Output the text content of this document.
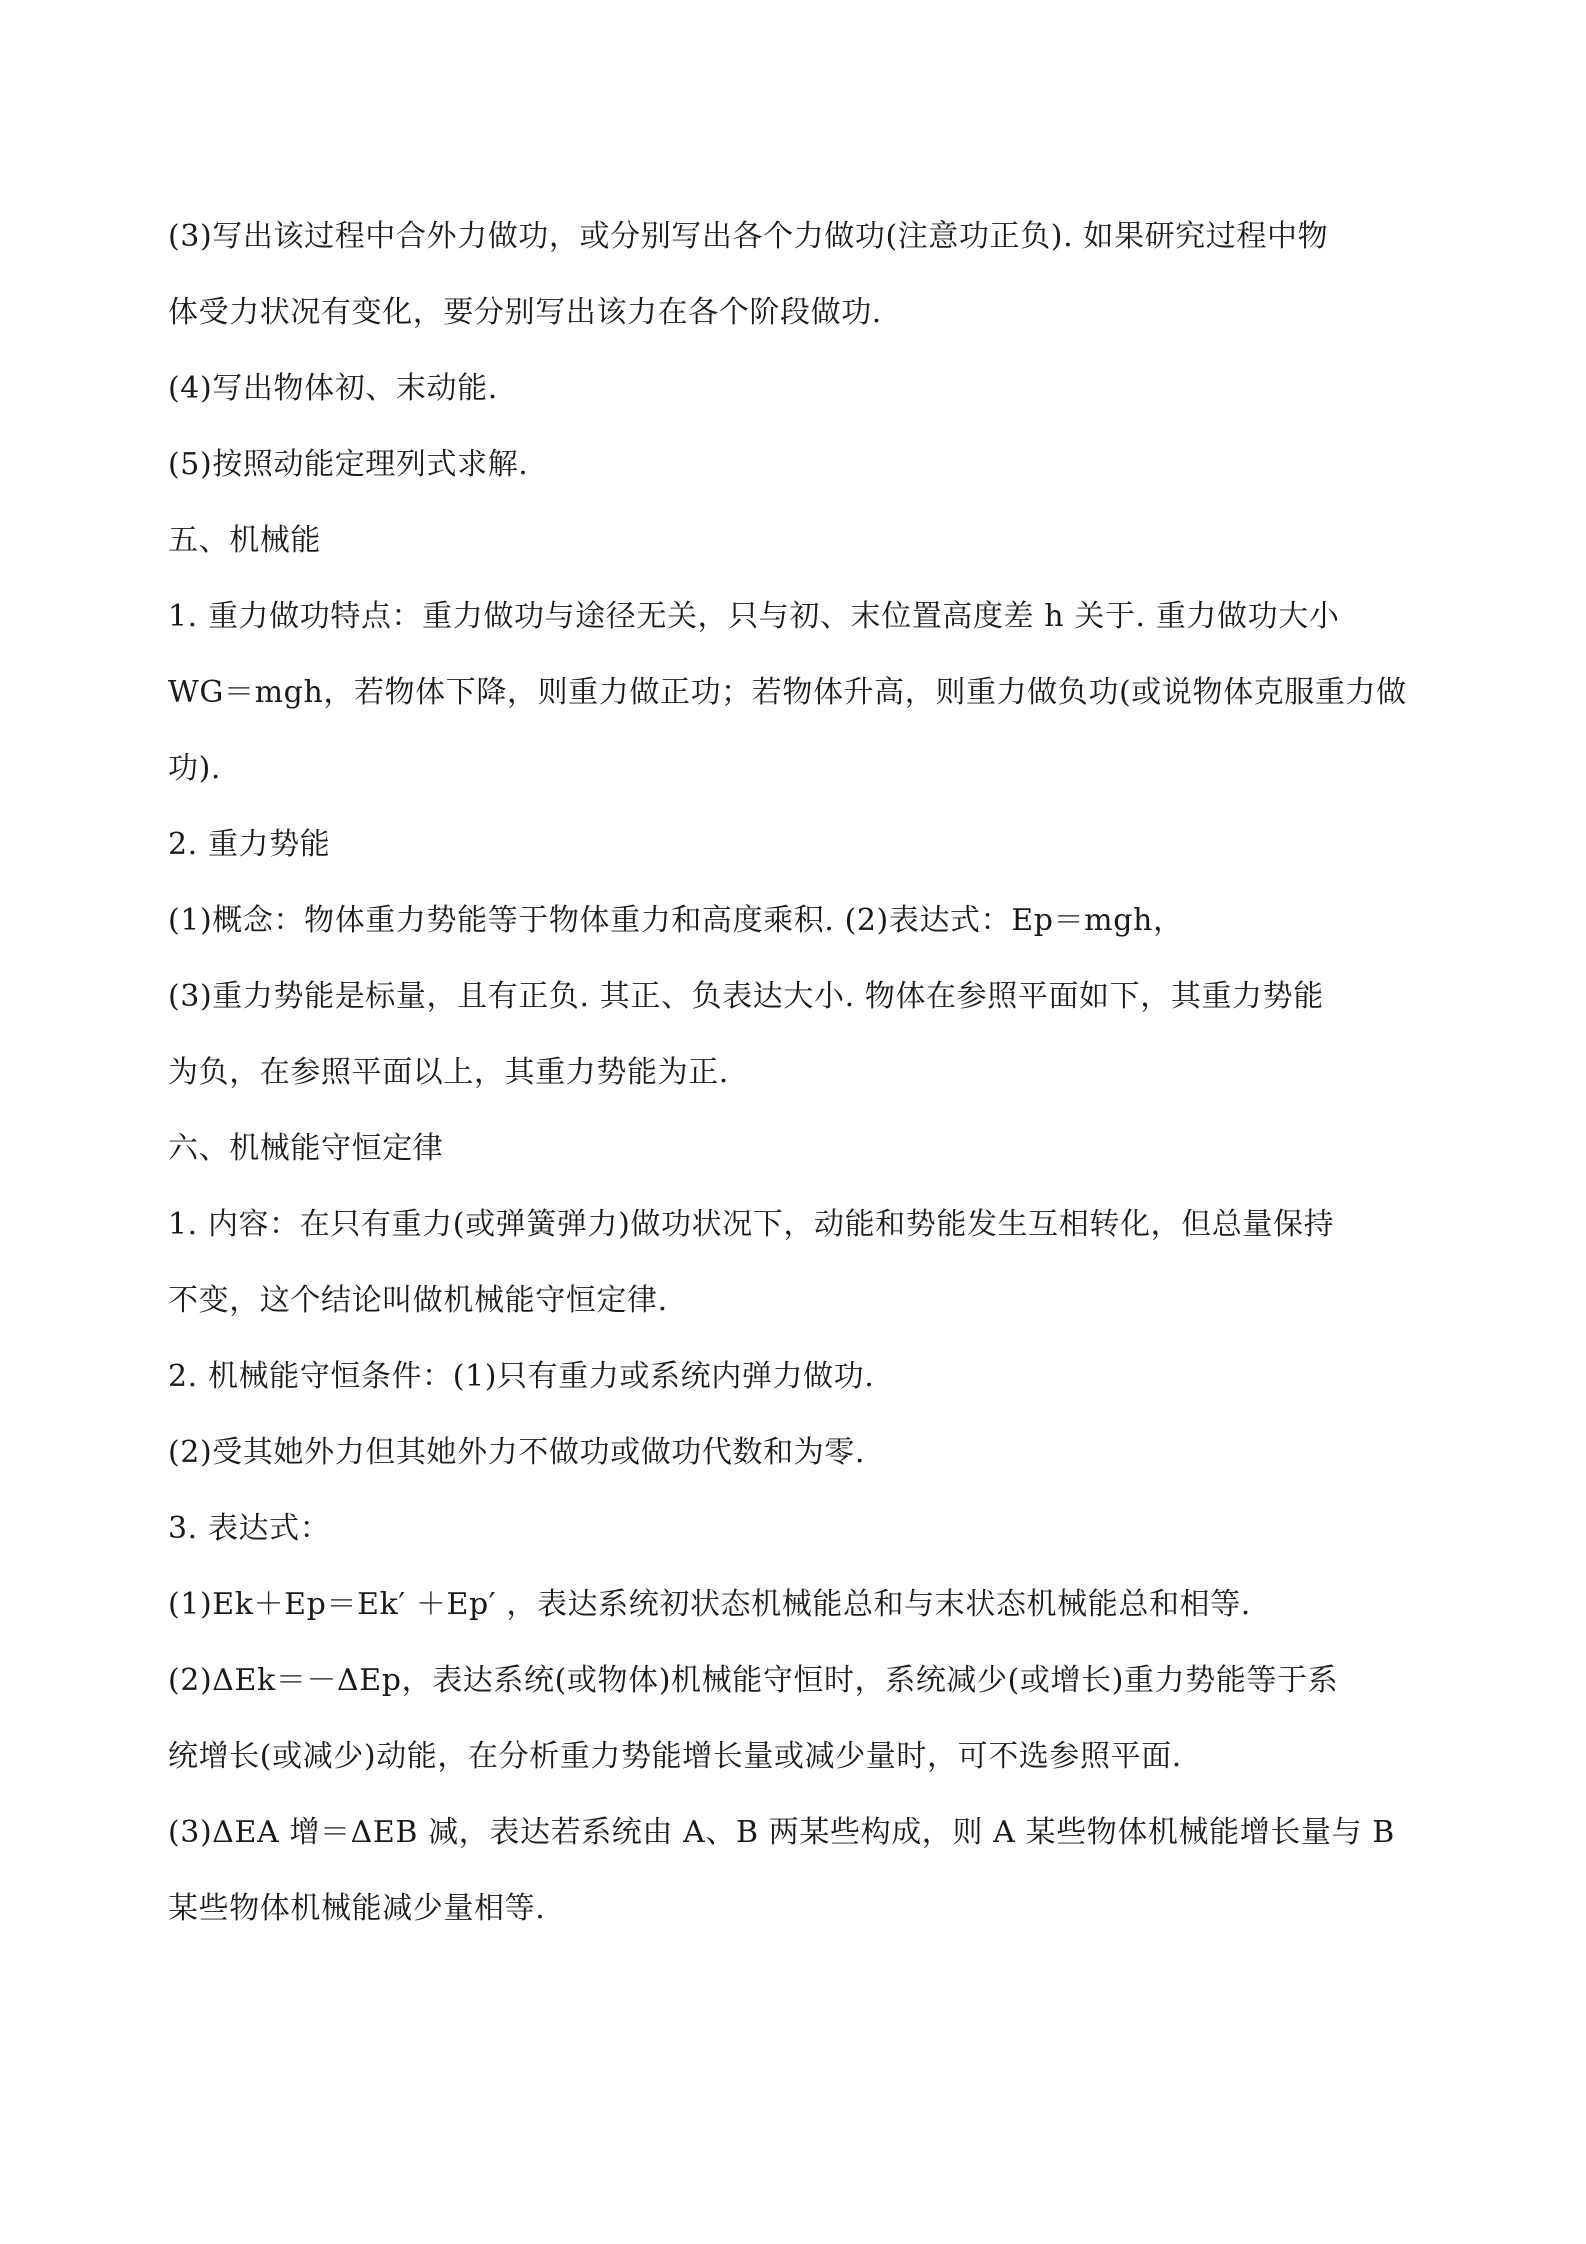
(3)写出该过程中合外力做功，或分别写出各个力做功(注意功正负). 如果研究过程中物
体受力状况有变化，要分别写出该力在各个阶段做功.
(4)写出物体初、末动能.
(5)按照动能定理列式求解.
五、机械能
1. 重力做功特点：重力做功与途径无关，只与初、末位置高度差 h 关于. 重力做功大小
WG＝mgh，若物体下降，则重力做正功；若物体升高，则重力做负功(或说物体克服重力做
功).
2. 重力势能
(1)概念：物体重力势能等于物体重力和高度乘积. (2)表达式：Ep＝mgh，
(3)重力势能是标量，且有正负. 其正、负表达大小. 物体在参照平面如下，其重力势能
为负，在参照平面以上，其重力势能为正.
六、机械能守恒定律
1. 内容：在只有重力(或弹簧弹力)做功状况下，动能和势能发生互相转化，但总量保持
不变，这个结论叫做机械能守恒定律.
2. 机械能守恒条件：(1)只有重力或系统内弹力做功.
(2)受其她外力但其她外力不做功或做功代数和为零.
3. 表达式：
(1)Ek＋Ep＝Ek′ ＋Ep′ ，表达系统初状态机械能总和与末状态机械能总和相等.
(2)ΔEk＝－ΔEp，表达系统(或物体)机械能守恒时，系统减少(或增长)重力势能等于系
统增长(或减少)动能，在分析重力势能增长量或减少量时，可不选参照平面.
(3)ΔEA 增＝ΔEB 减，表达若系统由 A、B 两某些构成，则 A 某些物体机械能增长量与 B
某些物体机械能减少量相等.
